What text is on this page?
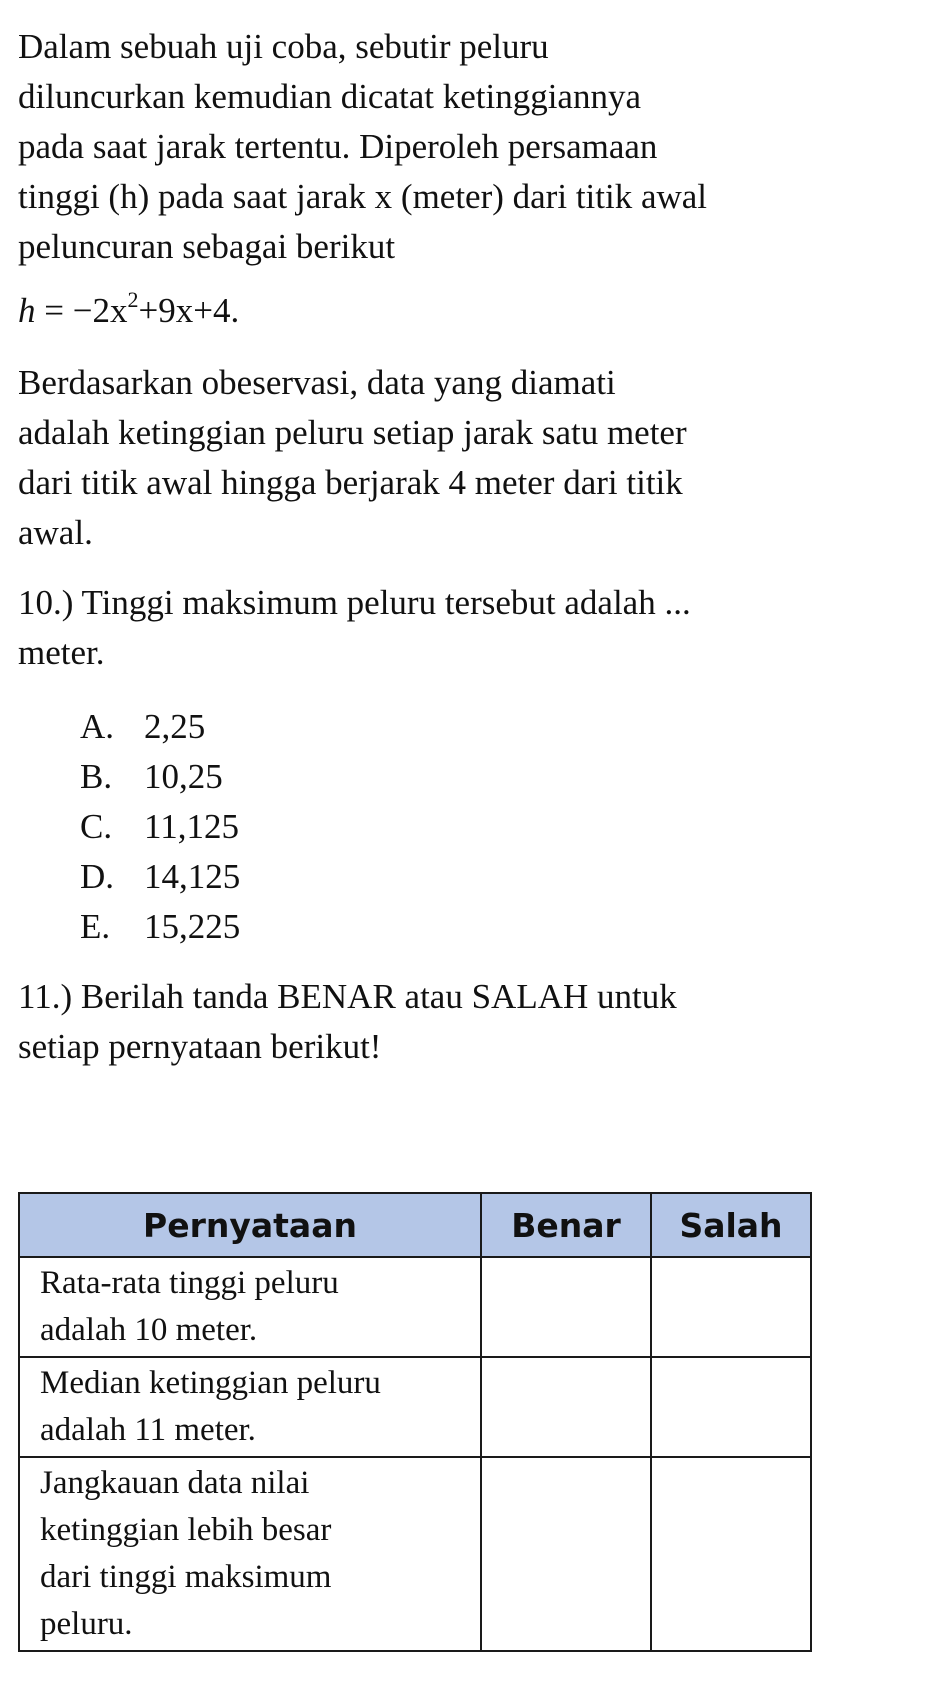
Dalam sebuah uji coba, sebutir peluru
diluncurkan kemudian dicatat ketinggiannya
pada saat jarak tertentu. Diperoleh persamaan
tinggi (h) pada saat jarak x (meter) dari titik awal
peluncuran sebagai berikut

$h = -2x^2+9x+4$.

Berdasarkan obeservasi, data yang diamati
adalah ketinggian peluru setiap jarak satu meter
dari titik awal hingga berjarak 4 meter dari titik
awal.

10.) Tinggi maksimum peluru tersebut adalah ...
meter.

A. 2,25
B. 10,25
C. 11,125
D. 14,125
E. 15,225

11.) Berilah tanda BENAR atau SALAH untuk
setiap pernyataan berikut!

Pernyataan	Benar	Salah

Rata-rata tinggi peluru
adalah 10 meter.		

Median ketinggian peluru
adalah 11 meter.		

Jangkauan data nilai
ketinggian lebih besar
dari tinggi maksimum
peluru.		
